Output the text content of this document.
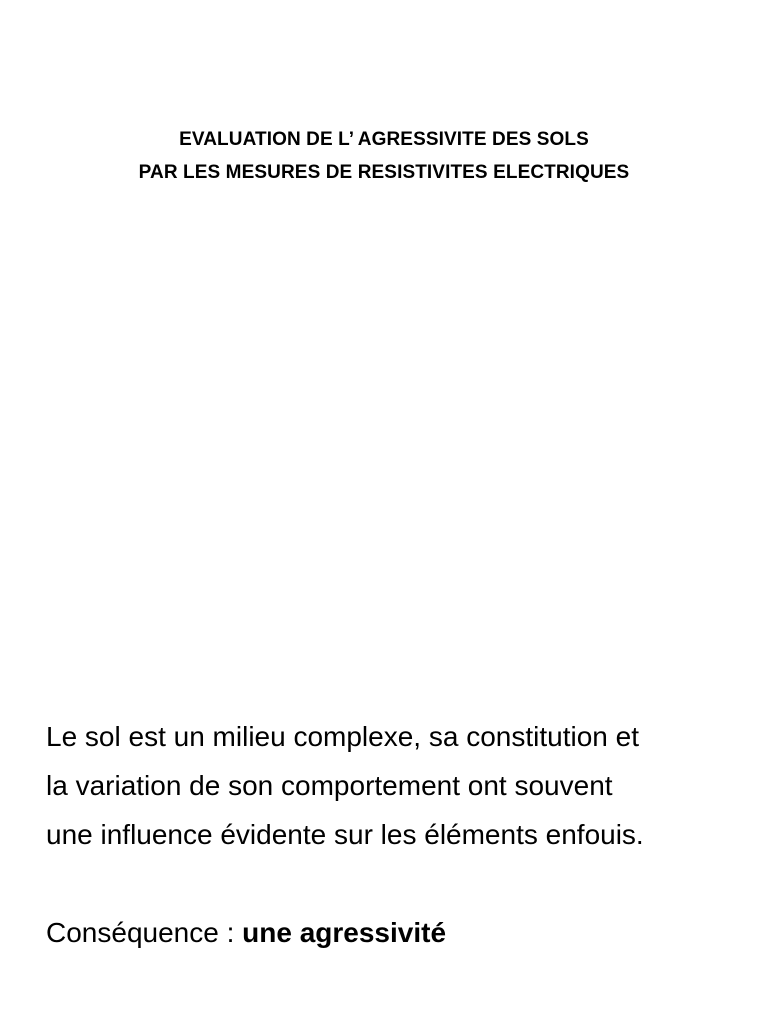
EVALUATION DE L’ AGRESSIVITE DES SOLS
PAR LES MESURES DE RESISTIVITES ELECTRIQUES
Le sol est un milieu complexe, sa constitution et
la variation de son comportement ont souvent
une influence évidente sur les éléments enfouis.
Conséquence : une agressivité
